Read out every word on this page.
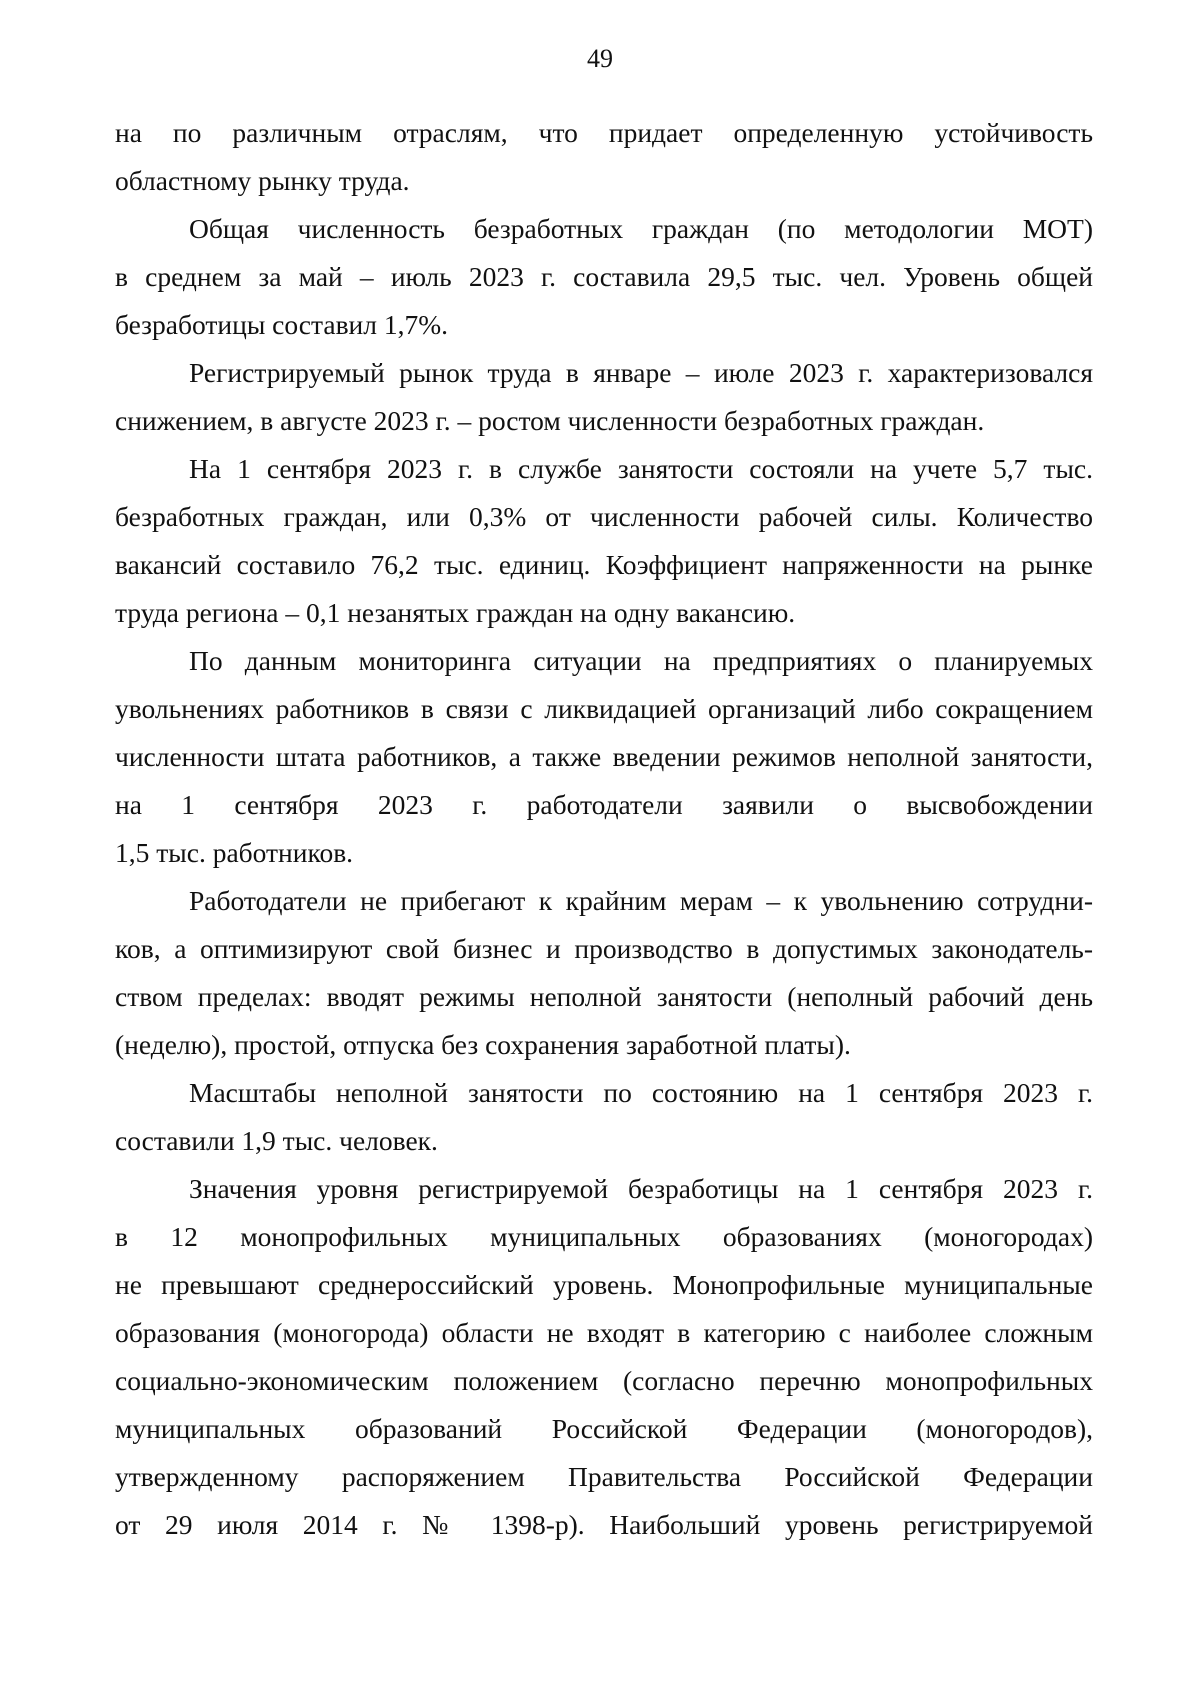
49
на по различным отраслям, что придает определенную устойчивость
областному рынку труда.
Общая численность безработных граждан (по методологии МОТ)
в среднем за май – июль 2023 г. составила 29,5 тыс. чел. Уровень общей
безработицы составил 1,7%.
Регистрируемый рынок труда в январе – июле 2023 г. характеризовался
снижением, в августе 2023 г. – ростом численности безработных граждан.
На 1 сентября 2023 г. в службе занятости состояли на учете 5,7 тыс.
безработных граждан, или 0,3% от численности рабочей силы. Количество
вакансий составило 76,2 тыс. единиц. Коэффициент напряженности на рынке
труда региона – 0,1 незанятых граждан на одну вакансию.
По данным мониторинга ситуации на предприятиях о планируемых
увольнениях работников в связи с ликвидацией организаций либо сокращением
численности штата работников, а также введении режимов неполной занятости,
на 1 сентября 2023 г. работодатели заявили о высвобождении
1,5 тыс. работников.
Работодатели не прибегают к крайним мерам – к увольнению сотрудни-
ков, а оптимизируют свой бизнес и производство в допустимых законодатель-
ством пределах: вводят режимы неполной занятости (неполный рабочий день
(неделю), простой, отпуска без сохранения заработной платы).
Масштабы неполной занятости по состоянию на 1 сентября 2023 г.
составили 1,9 тыс. человек.
Значения уровня регистрируемой безработицы на 1 сентября 2023 г.
в 12 монопрофильных муниципальных образованиях (моногородах)
не превышают среднероссийский уровень. Монопрофильные муниципальные
образования (моногорода) области не входят в категорию с наиболее сложным
социально-экономическим положением (согласно перечню монопрофильных
муниципальных образований Российской Федерации (моногородов),
утвержденному распоряжением Правительства Российской Федерации
от 29 июля 2014 г. № 1398-р). Наибольший уровень регистрируемой
